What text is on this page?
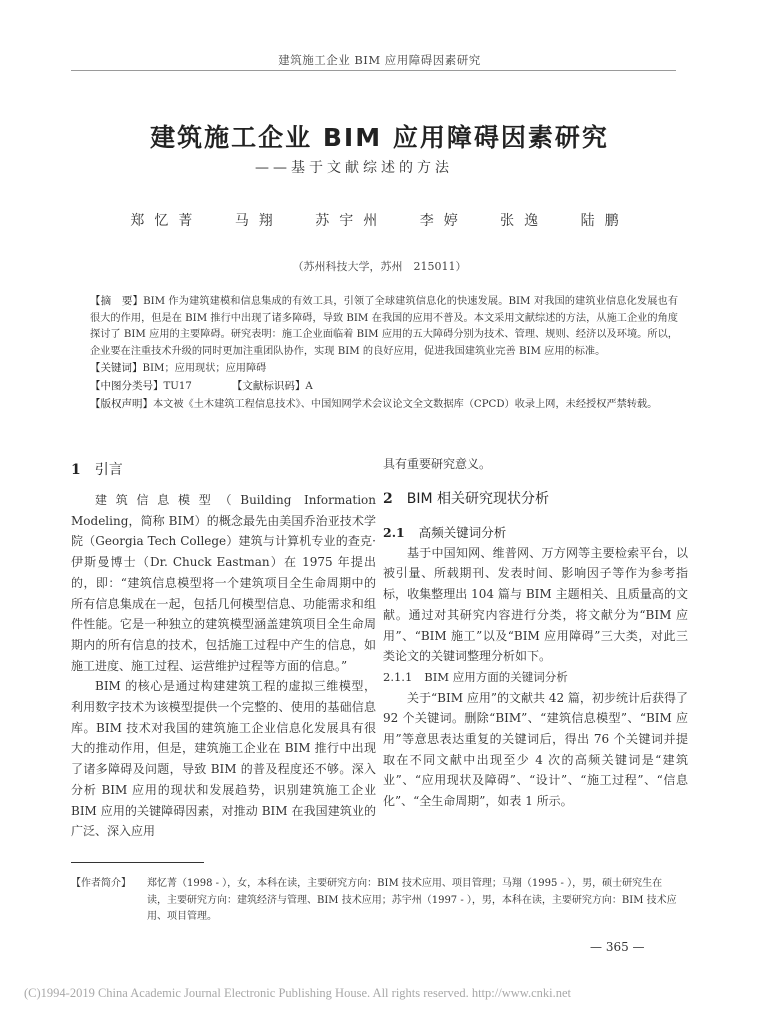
建筑施工企业 BIM 应用障碍因素研究
建筑施工企业 BIM 应用障碍因素研究
——基于文献综述的方法
郑忆菁 马翔 苏宇州 李婷 张逸 陆鹏
（苏州科技大学，苏州　215011）

【摘　要】BIM 作为建筑建模和信息集成的有效工具，引领了全球建筑信息化的快速发展。BIM 对我国的建筑业信息化发展也有很大的作用，但是在 BIM 推行中出现了诸多障碍，导致 BIM 在我国的应用不普及。本文采用文献综述的方法，从施工企业的角度探讨了 BIM 应用的主要障碍。研究表明：施工企业面临着 BIM 应用的五大障碍分别为技术、管理、规则、经济以及环境。所以，企业要在注重技术升级的同时更加注重团队协作，实现 BIM 的良好应用，促进我国建筑业完善 BIM 应用的标准。

【关键词】BIM；应用现状；应用障碍

【中图分类号】TU17	【文献标识码】A

【版权声明】本文被《土木建筑工程信息技术》、中国知网学术会议论文全文数据库（CPCD）收录上网，未经授权严禁转载。

1 引言

建筑信息模型（Building Information Modeling，简称 BIM）的概念最先由美国乔治亚技术学院（Georgia Tech College）建筑与计算机专业的查克·伊斯曼博士（Dr. Chuck Eastman）在 1975 年提出的，即：“建筑信息模型将一个建筑项目全生命周期中的所有信息集成在一起，包括几何模型信息、功能需求和组件性能。它是一种独立的建筑模型涵盖建筑项目全生命周期内的所有信息的技术，包括施工过程中产生的信息，如施工进度、施工过程、运营维护过程等方面的信息。”

BIM 的核心是通过构建建筑工程的虚拟三维模型，利用数字技术为该模型提供一个完整的、使用的基础信息库。BIM 技术对我国的建筑施工企业信息化发展具有很大的推动作用，但是，建筑施工企业在 BIM 推行中出现了诸多障碍及问题，导致 BIM 的普及程度还不够。深入分析 BIM 应用的现状和发展趋势，识别建筑施工企业 BIM 应用的关键障碍因素，对推动 BIM 在我国建筑业的广泛、深入应用

具有重要研究意义。

2 BIM 相关研究现状分析
2.1 高频关键词分析

基于中国知网、维普网、万方网等主要检索平台，以被引量、所载期刊、发表时间、影响因子等作为参考指标，收集整理出 104 篇与 BIM 主题相关、且质量高的文献。通过对其研究内容进行分类，将文献分为“BIM 应用”、“BIM 施工”以及“BIM 应用障碍”三大类，对此三类论文的关键词整理分析如下。

2.1.1 BIM 应用方面的关键词分析

关于“BIM 应用”的文献共 42 篇，初步统计后获得了 92 个关键词。删除“BIM”、“建筑信息模型”、“BIM 应用”等意思表达重复的关键词后，得出 76 个关键词并提取在不同文献中出现至少 4 次的高频关键词是“建筑业”、“应用现状及障碍”、“设计”、“施工过程”、“信息化”、“全生命周期”，如表 1 所示。

【作者简介】	郑忆菁（1998 - ），女，本科在读，主要研究方向：BIM 技术应用、项目管理；马翔（1995 - ），男，硕士研究生在读，主要研究方向：建筑经济与管理、BIM 技术应用；苏宇州（1997 - ），男，本科在读，主要研究方向：BIM 技术应用、项目管理。
— 365 —
(C)1994-2019 China Academic Journal Electronic Publishing House. All rights reserved. http://www.cnki.net
